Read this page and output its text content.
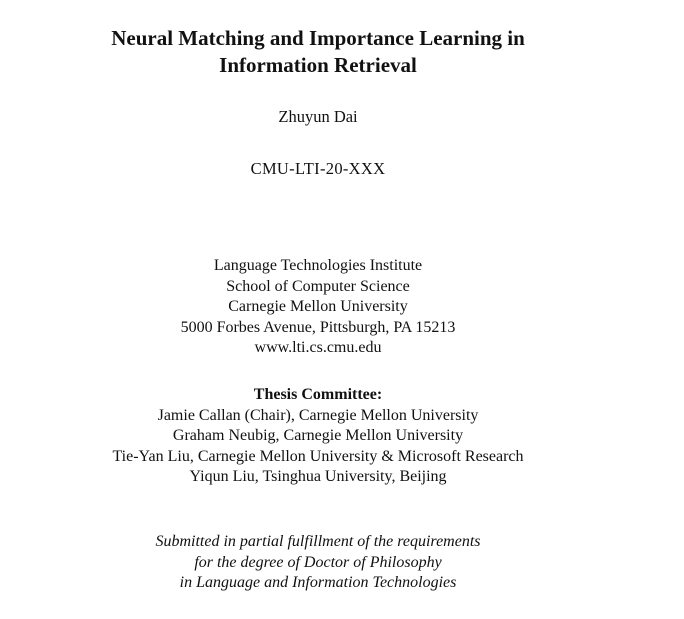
Neural Matching and Importance Learning in
Information Retrieval
Zhuyun Dai
CMU-LTI-20-XXX
Language Technologies Institute
School of Computer Science
Carnegie Mellon University
5000 Forbes Avenue, Pittsburgh, PA 15213
www.lti.cs.cmu.edu
Thesis Committee:
Jamie Callan (Chair), Carnegie Mellon University
Graham Neubig, Carnegie Mellon University
Tie-Yan Liu, Carnegie Mellon University & Microsoft Research
Yiqun Liu, Tsinghua University, Beijing
Submitted in partial fulfillment of the requirements
for the degree of Doctor of Philosophy
in Language and Information Technologies
